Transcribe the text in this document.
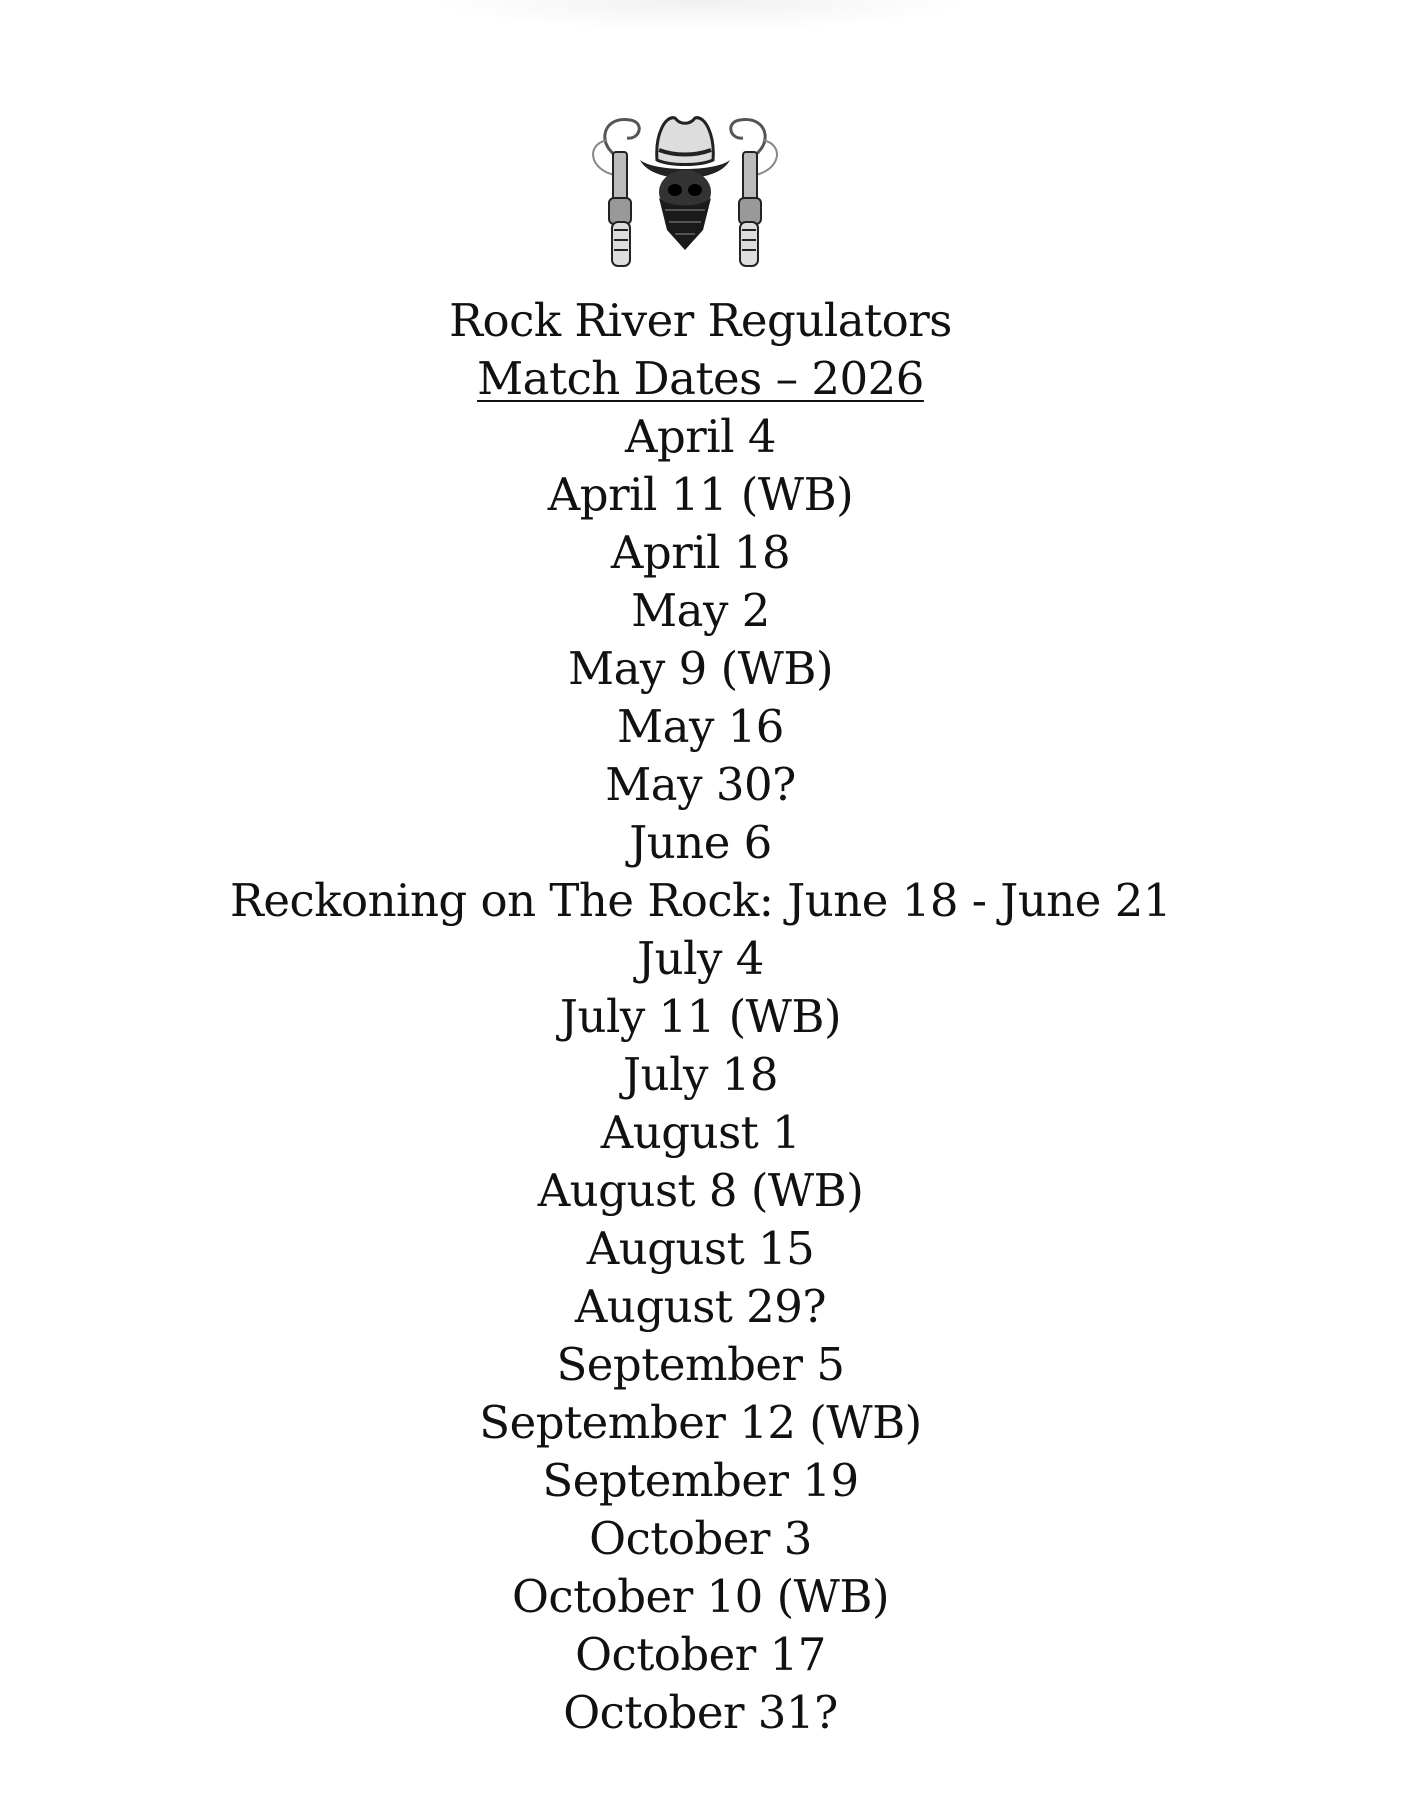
Rock River Regulators
Match Dates – 2026
April 4
April 11 (WB)
April 18
May 2
May 9 (WB)
May 16
May 30?
June 6
Reckoning on The Rock: June 18 - June 21
July 4
July 11 (WB)
July 18
August 1
August 8 (WB)
August 15
August 29?
September 5
September 12 (WB)
September 19
October 3
October 10 (WB)
October 17
October 31?
